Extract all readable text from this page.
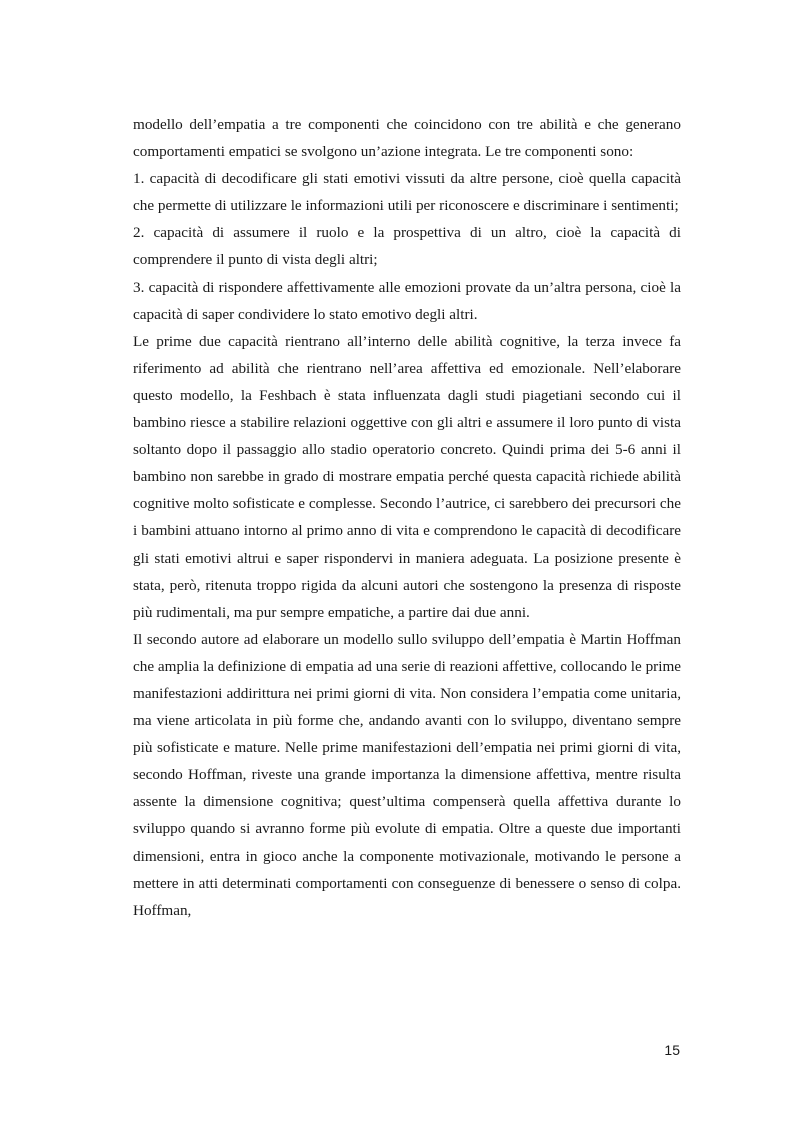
modello dell’empatia a tre componenti che coincidono con tre abilità e che generano comportamenti empatici se svolgono un’azione integrata. Le tre componenti sono:

1. capacità di decodificare gli stati emotivi vissuti da altre persone, cioè quella capacità che permette di utilizzare le informazioni utili per riconoscere e discriminare i sentimenti;

2. capacità di assumere il ruolo e la prospettiva di un altro, cioè la capacità di comprendere il punto di vista degli altri;

3. capacità di rispondere affettivamente alle emozioni provate da un’altra persona, cioè la capacità di saper condividere lo stato emotivo degli altri.

Le prime due capacità rientrano all’interno delle abilità cognitive, la terza invece fa riferimento ad abilità che rientrano nell’area affettiva ed emozionale. Nell’elaborare questo modello, la Feshbach è stata influenzata dagli studi piagetiani secondo cui il bambino riesce a stabilire relazioni oggettive con gli altri e assumere il loro punto di vista soltanto dopo il passaggio allo stadio operatorio concreto. Quindi prima dei 5-6 anni il bambino non sarebbe in grado di mostrare empatia perché questa capacità richiede abilità cognitive molto sofisticate e complesse. Secondo l’autrice, ci sarebbero dei precursori che i bambini attuano intorno al primo anno di vita e comprendono le capacità di decodificare gli stati emotivi altrui e saper rispondervi in maniera adeguata. La posizione presente è stata, però, ritenuta troppo rigida da alcuni autori che sostengono la presenza di risposte più rudimentali, ma pur sempre empatiche, a partire dai due anni.

Il secondo autore ad elaborare un modello sullo sviluppo dell’empatia è Martin Hoffman che amplia la definizione di empatia ad una serie di reazioni affettive, collocando le prime manifestazioni addirittura nei primi giorni di vita. Non considera l’empatia come unitaria, ma viene articolata in più forme che, andando avanti con lo sviluppo, diventano sempre più sofisticate e mature. Nelle prime manifestazioni dell’empatia nei primi giorni di vita, secondo Hoffman, riveste una grande importanza la dimensione affettiva, mentre risulta assente la dimensione cognitiva; quest’ultima compenserà quella affettiva durante lo sviluppo quando si avranno forme più evolute di empatia. Oltre a queste due importanti dimensioni, entra in gioco anche la componente motivazionale, motivando le persone a mettere in atti determinati comportamenti con conseguenze di benessere o senso di colpa. Hoffman,

15
